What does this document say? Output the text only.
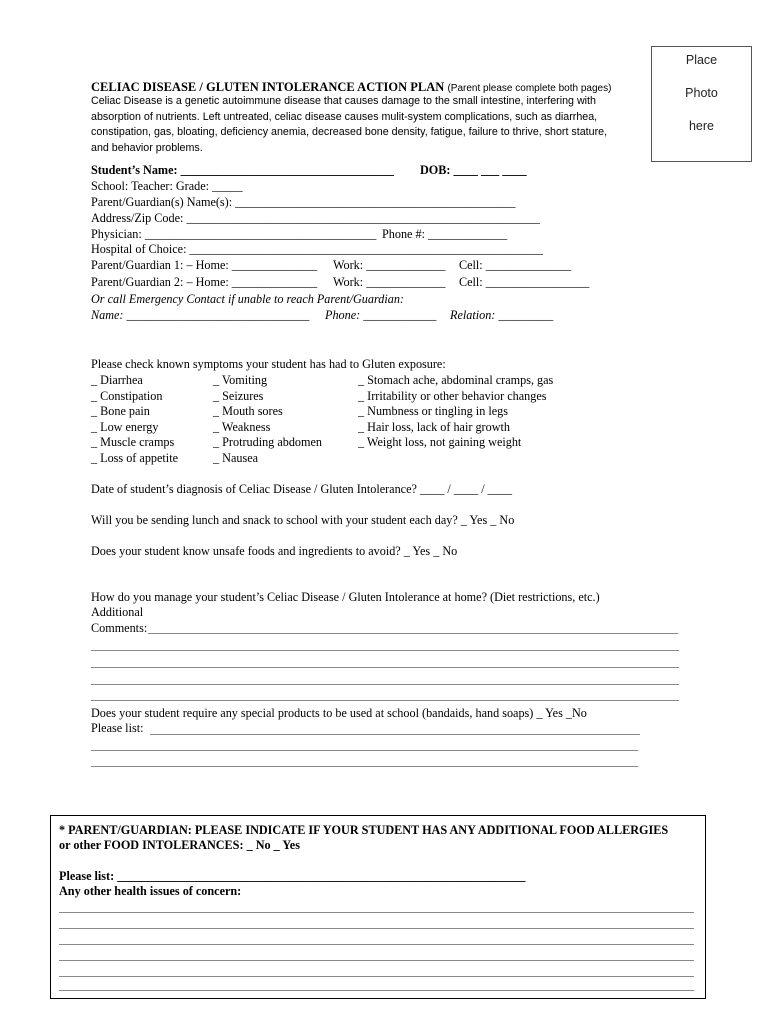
Place
Photo
here
CELIAC DISEASE / GLUTEN INTOLERANCE ACTION PLAN (Parent please complete both pages)
Celiac Disease is a genetic autoimmune disease that causes damage to the small intestine, interfering with
absorption of nutrients. Left untreated, celiac disease causes mulit-system complications, such as diarrhea,
constipation, gas, bloating, deficiency anemia, decreased bone density, fatigue, failure to thrive, short stature,
and behavior problems.
Student’s Name: ___________________________________ DOB: ____ ___ ____
School: Teacher: Grade: _____
Parent/Guardian(s) Name(s): ______________________________________________
Address/Zip Code: __________________________________________________________
Physician: ______________________________________ Phone #: _____________
Hospital of Choice: __________________________________________________________
Parent/Guardian 1: – Home: ______________ Work: _____________ Cell: ______________
Parent/Guardian 2: – Home: ______________ Work: _____________ Cell: _________________
Or call Emergency Contact if unable to reach Parent/Guardian:
Name: ______________________________ Phone: ____________ Relation: _________
Please check known symptoms your student has had to Gluten exposure:
_ Diarrhea
_ Constipation
_ Bone pain
_ Low energy
_ Muscle cramps
_ Loss of appetite
_ Vomiting
_ Seizures
_ Mouth sores
_ Weakness
_ Protruding abdomen
_ Nausea
_ Stomach ache, abdominal cramps, gas
_ Irritability or other behavior changes
_ Numbness or tingling in legs
_ Hair loss, lack of hair growth
_ Weight loss, not gaining weight
Date of student’s diagnosis of Celiac Disease / Gluten Intolerance? ____ / ____ / ____
Will you be sending lunch and snack to school with your student each day? _ Yes _ No
Does your student know unsafe foods and ingredients to avoid? _ Yes _ No
How do you manage your student’s Celiac Disease / Gluten Intolerance at home? (Diet restrictions, etc.)
Additional
Comments:
Does your student require any special products to be used at school (bandaids, hand soaps) _ Yes _No
Please list:
* PARENT/GUARDIAN: PLEASE INDICATE IF YOUR STUDENT HAS ANY ADDITIONAL FOOD ALLERGIES
or other FOOD INTOLERANCES: _ No _ Yes
Please list: ___________________________________________________________________
Any other health issues of concern:
